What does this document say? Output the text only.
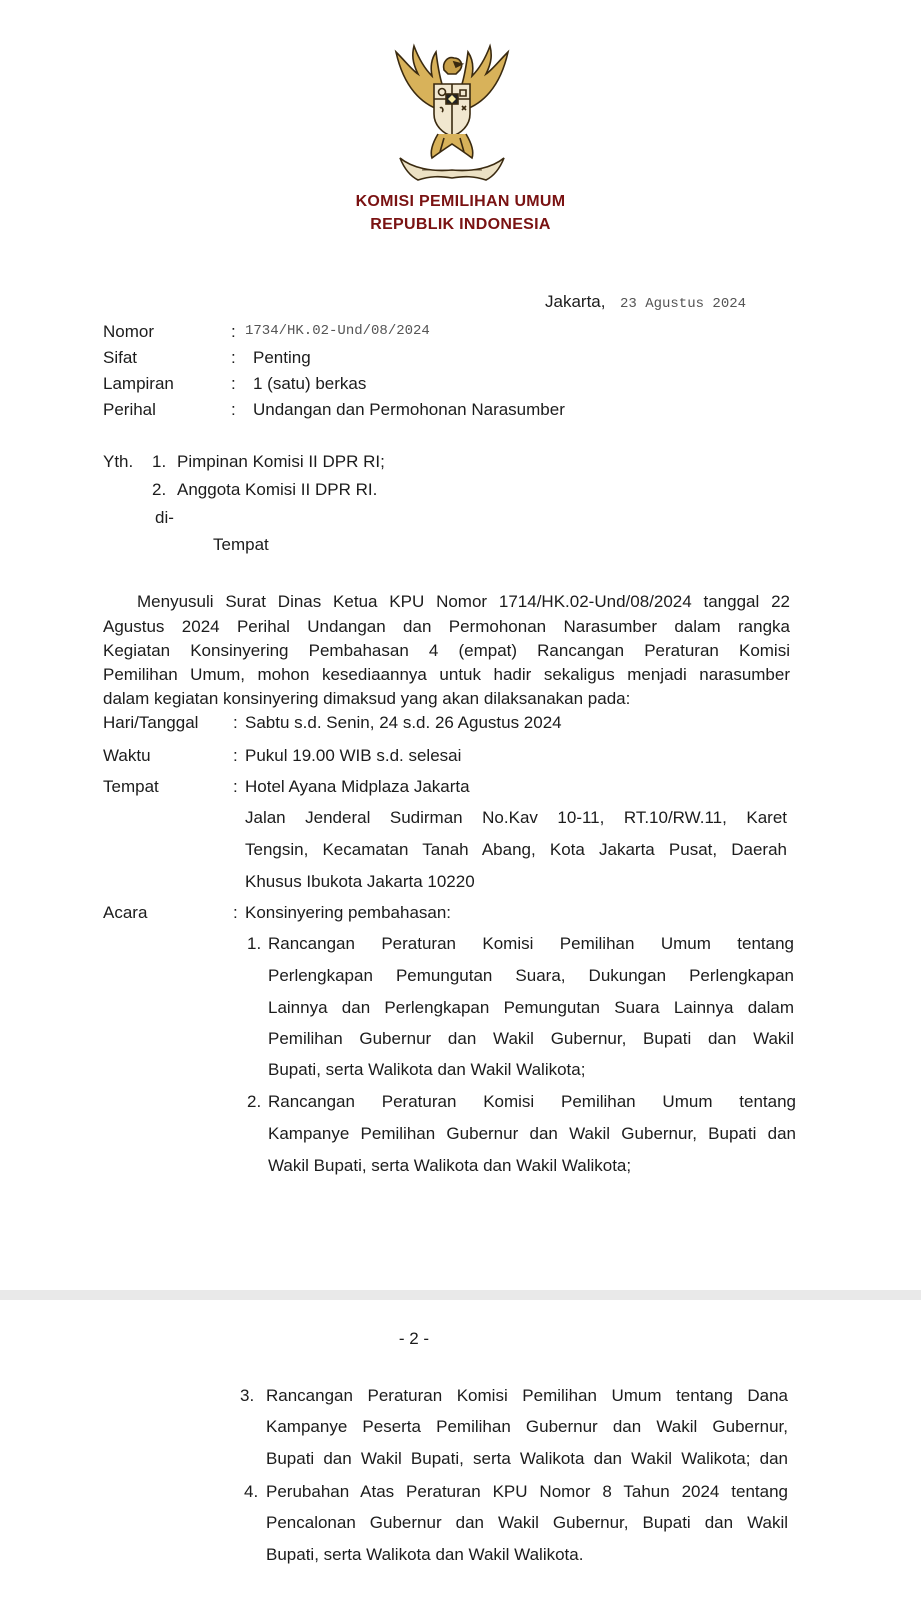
KOMISI PEMILIHAN UMUM
REPUBLIK INDONESIA
Jakarta, 23 Agustus 2024
Nomor	: 1734/HK.02-Und/08/2024
Sifat	: Penting
Lampiran	: 1 (satu) berkas
Perihal	: Undangan dan Permohonan Narasumber
Yth. 1. Pimpinan Komisi II DPR RI;
2. Anggota Komisi II DPR RI.
di-
Tempat
Menyusuli Surat Dinas Ketua KPU Nomor 1714/HK.02-Und/08/2024 tanggal 22
Agustus 2024 Perihal Undangan dan Permohonan Narasumber dalam rangka
Kegiatan Konsinyering Pembahasan 4 (empat) Rancangan Peraturan Komisi
Pemilihan Umum, mohon kesediaannya untuk hadir sekaligus menjadi narasumber
dalam kegiatan konsinyering dimaksud yang akan dilaksanakan pada:
Hari/Tanggal : Sabtu s.d. Senin, 24 s.d. 26 Agustus 2024
Waktu	: Pukul 19.00 WIB s.d. selesai
Tempat	: Hotel Ayana Midplaza Jakarta
Jalan Jenderal Sudirman No.Kav 10-11, RT.10/RW.11, Karet
Tengsin, Kecamatan Tanah Abang, Kota Jakarta Pusat, Daerah
Khusus Ibukota Jakarta 10220
Acara	: Konsinyering pembahasan:
1. Rancangan Peraturan Komisi Pemilihan Umum tentang
Perlengkapan Pemungutan Suara, Dukungan Perlengkapan
Lainnya dan Perlengkapan Pemungutan Suara Lainnya dalam
Pemilihan Gubernur dan Wakil Gubernur, Bupati dan Wakil
Bupati, serta Walikota dan Wakil Walikota;
2. Rancangan Peraturan Komisi Pemilihan Umum tentang
Kampanye Pemilihan Gubernur dan Wakil Gubernur, Bupati dan
Wakil Bupati, serta Walikota dan Wakil Walikota;
- 2 -
3. Rancangan Peraturan Komisi Pemilihan Umum tentang Dana
Kampanye Peserta Pemilihan Gubernur dan Wakil Gubernur,
Bupati dan Wakil Bupati, serta Walikota dan Wakil Walikota; dan
4. Perubahan Atas Peraturan KPU Nomor 8 Tahun 2024 tentang
Pencalonan Gubernur dan Wakil Gubernur, Bupati dan Wakil
Bupati, serta Walikota dan Wakil Walikota.
